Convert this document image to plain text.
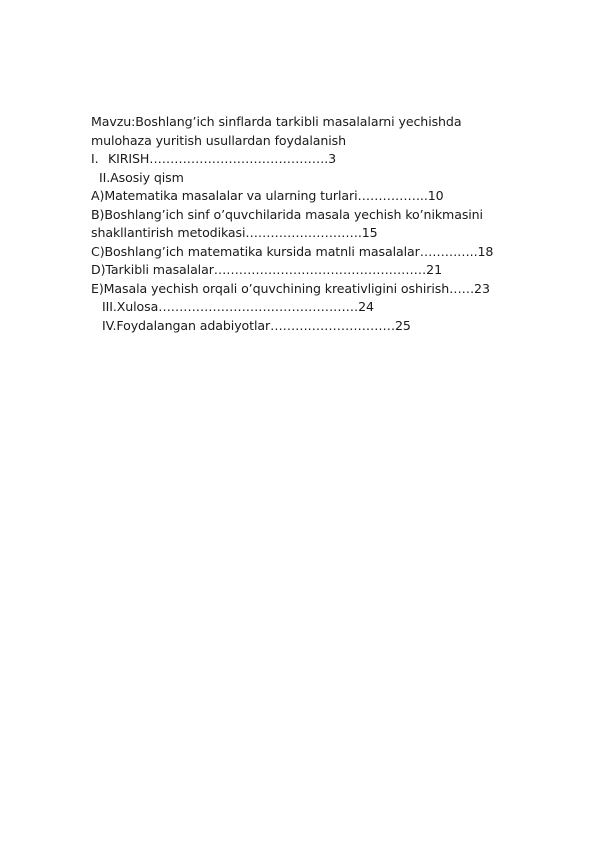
Mavzu:Boshlang’ich sinflarda tarkibli masalalarni yechishda
mulohaza yuritish usullardan foydalanish
I. KIRISH…………………………………….3
II.Asosiy qism
A)Matematika masalalar va ularning turlari……………..10
B)Boshlang’ich sinf o’quvchilarida masala yechish ko’nikmasini
shakllantirish metodikasi……………………….15
C)Boshlang’ich matematika kursida matnli masalalar…………..18
D)Tarkibli masalalar……………………………………………21
E)Masala yechish orqali o’quvchining kreativligini oshirish……23
III.Xulosa…………………………………………24
IV.Foydalangan adabiyotlar…………………………25
